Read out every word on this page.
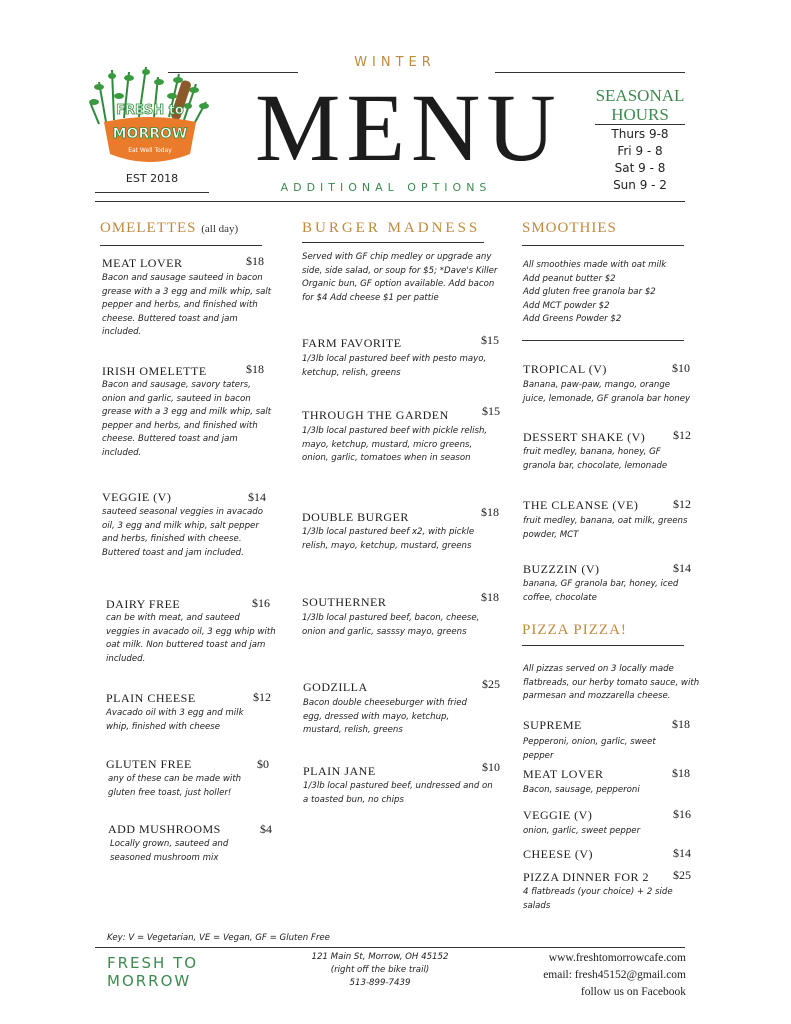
WINTER
MENU
ADDITIONAL OPTIONS
FRESH to
MORROW
Eat Well Today
EST 2018
SEASONAL
HOURS
Thurs 9-8
Fri 9 - 8
Sat 9 - 8
Sun 9 - 2
OMELETTES (all day)
MEAT LOVER	$18
Bacon and sausage sauteed in bacon grease with a 3 egg and milk whip, salt pepper and herbs, and finished with cheese. Buttered toast and jam included.
IRISH OMELETTE	$18
Bacon and sausage, savory taters, onion and garlic, sauteed in bacon grease with a 3 egg and milk whip, salt pepper and herbs, and finished with cheese. Buttered toast and jam included.
VEGGIE (V)	$14
sauteed seasonal veggies in avacado oil, 3 egg and milk whip, salt pepper and herbs, finished with cheese. Buttered toast and jam included.
DAIRY FREE	$16
can be with meat, and sauteed veggies in avacado oil, 3 egg whip with oat milk. Non buttered toast and jam included.
PLAIN CHEESE	$12
Avacado oil with 3 egg and milk whip, finished with cheese
GLUTEN FREE	$0
any of these can be made with gluten free toast, just holler!
ADD MUSHROOMS	$4
Locally grown, sauteed and seasoned mushroom mix
BURGER MADNESS
Served with GF chip medley or upgrade any side, side salad, or soup for $5; *Dave's Killer Organic bun, GF option available. Add bacon for $4 Add cheese $1 per pattie
FARM FAVORITE	$15
1/3lb local pastured beef with pesto mayo, ketchup, relish, greens
THROUGH THE GARDEN	$15
1/3lb local pastured beef with pickle relish, mayo, ketchup, mustard, micro greens, onion, garlic, tomatoes when in season
DOUBLE BURGER	$18
1/3lb local pastured beef x2, with pickle relish, mayo, ketchup, mustard, greens
SOUTHERNER	$18
1/3lb local pastured beef, bacon, cheese, onion and garlic, sasssy mayo, greens
GODZILLA	$25
Bacon double cheeseburger with fried egg, dressed with mayo, ketchup, mustard, relish, greens
PLAIN JANE	$10
1/3lb local pastured beef, undressed and on a toasted bun, no chips
SMOOTHIES
All smoothies made with oat milk
Add peanut butter $2
Add gluten free granola bar $2
Add MCT powder $2
Add Greens Powder $2
TROPICAL (V)	$10
Banana, paw-paw, mango, orange juice, lemonade, GF granola bar honey
DESSERT SHAKE (V) $12
fruit medley, banana, honey, GF granola bar, chocolate, lemonade
THE CLEANSE (VE)	$12
fruit medley, banana, oat milk, greens powder, MCT
BUZZZIN (V)	$14
banana, GF granola bar, honey, iced coffee, chocolate
PIZZA PIZZA!
All pizzas served on 3 locally made flatbreads, our herby tomato sauce, with parmesan and mozzarella cheese.
SUPREME	$18
Pepperoni, onion, garlic, sweet pepper
MEAT LOVER	$18
Bacon, sausage, pepperoni
VEGGIE (V)	$16
onion, garlic, sweet pepper
CHEESE (V)	$14
PIZZA DINNER FOR 2 $25
4 flatbreads (your choice) + 2 side salads
Key: V = Vegetarian, VE = Vegan, GF = Gluten Free
FRESH TO
MORROW
121 Main St, Morrow, OH 45152
(right off the bike trail)
513-899-7439
www.freshtomorrowcafe.com
email: fresh45152@gmail.com
follow us on Facebook
